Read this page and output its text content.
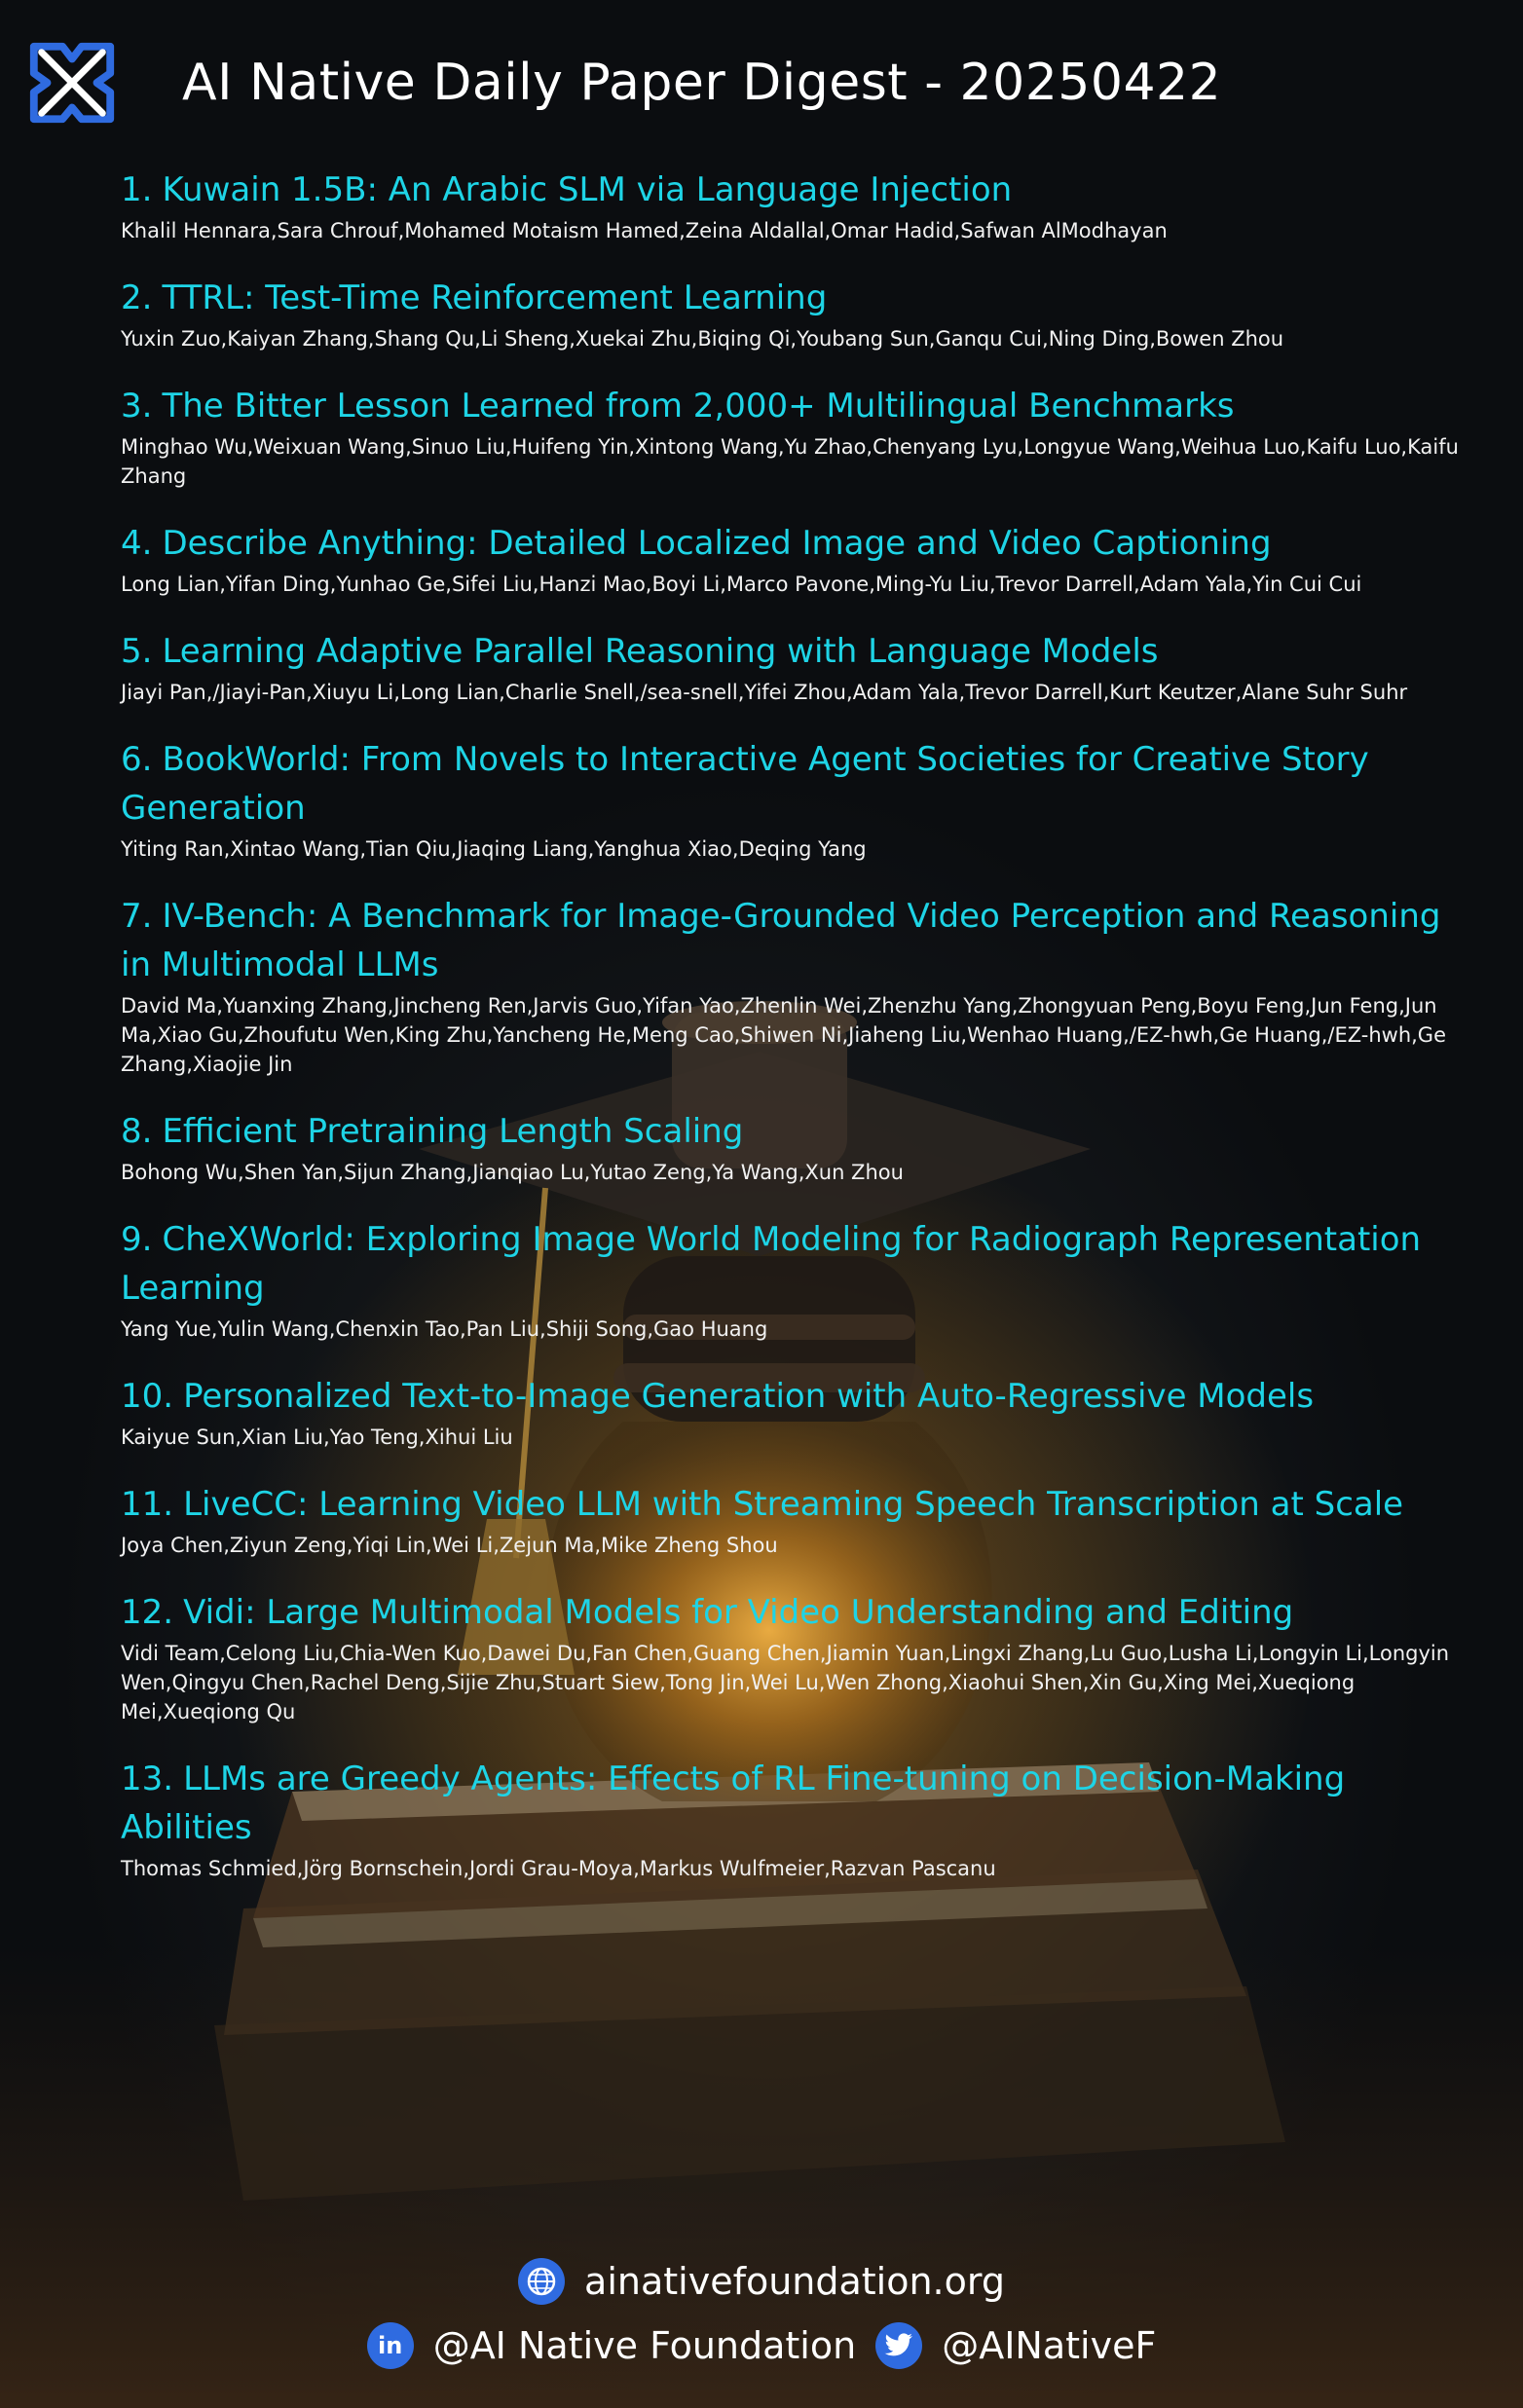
AI Native Daily Paper Digest - 20250422
1. Kuwain 1.5B: An Arabic SLM via Language Injection
Khalil Hennara,Sara Chrouf,Mohamed Motaism Hamed,Zeina Aldallal,Omar Hadid,Safwan AlModhayan
2. TTRL: Test-Time Reinforcement Learning
Yuxin Zuo,Kaiyan Zhang,Shang Qu,Li Sheng,Xuekai Zhu,Biqing Qi,Youbang Sun,Ganqu Cui,Ning Ding,Bowen Zhou
3. The Bitter Lesson Learned from 2,000+ Multilingual Benchmarks
Minghao Wu,Weixuan Wang,Sinuo Liu,Huifeng Yin,Xintong Wang,Yu Zhao,Chenyang Lyu,Longyue Wang,Weihua Luo,Kaifu Luo,Kaifu Zhang
4. Describe Anything: Detailed Localized Image and Video Captioning
Long Lian,Yifan Ding,Yunhao Ge,Sifei Liu,Hanzi Mao,Boyi Li,Marco Pavone,Ming-Yu Liu,Trevor Darrell,Adam Yala,Yin Cui Cui
5. Learning Adaptive Parallel Reasoning with Language Models
Jiayi Pan,/Jiayi-Pan,Xiuyu Li,Long Lian,Charlie Snell,/sea-snell,Yifei Zhou,Adam Yala,Trevor Darrell,Kurt Keutzer,Alane Suhr Suhr
6. BookWorld: From Novels to Interactive Agent Societies for Creative Story Generation
Yiting Ran,Xintao Wang,Tian Qiu,Jiaqing Liang,Yanghua Xiao,Deqing Yang
7. IV-Bench: A Benchmark for Image-Grounded Video Perception and Reasoning in Multimodal LLMs
David Ma,Yuanxing Zhang,Jincheng Ren,Jarvis Guo,Yifan Yao,Zhenlin Wei,Zhenzhu Yang,Zhongyuan Peng,Boyu Feng,Jun Feng,Jun Ma,Xiao Gu,Zhoufutu Wen,King Zhu,Yancheng He,Meng Cao,Shiwen Ni,Jiaheng Liu,Wenhao Huang,/EZ-hwh,Ge Huang,/EZ-hwh,Ge Zhang,Xiaojie Jin
8. Efficient Pretraining Length Scaling
Bohong Wu,Shen Yan,Sijun Zhang,Jianqiao Lu,Yutao Zeng,Ya Wang,Xun Zhou
9. CheXWorld: Exploring Image World Modeling for Radiograph Representation Learning
Yang Yue,Yulin Wang,Chenxin Tao,Pan Liu,Shiji Song,Gao Huang
10. Personalized Text-to-Image Generation with Auto-Regressive Models
Kaiyue Sun,Xian Liu,Yao Teng,Xihui Liu
11. LiveCC: Learning Video LLM with Streaming Speech Transcription at Scale
Joya Chen,Ziyun Zeng,Yiqi Lin,Wei Li,Zejun Ma,Mike Zheng Shou
12. Vidi: Large Multimodal Models for Video Understanding and Editing
Vidi Team,Celong Liu,Chia-Wen Kuo,Dawei Du,Fan Chen,Guang Chen,Jiamin Yuan,Lingxi Zhang,Lu Guo,Lusha Li,Longyin Li,Longyin Wen,Qingyu Chen,Rachel Deng,Sijie Zhu,Stuart Siew,Tong Jin,Wei Lu,Wen Zhong,Xiaohui Shen,Xin Gu,Xing Mei,Xueqiong Mei,Xueqiong Qu
13. LLMs are Greedy Agents: Effects of RL Fine-tuning on Decision-Making Abilities
Thomas Schmied,Jörg Bornschein,Jordi Grau-Moya,Markus Wulfmeier,Razvan Pascanu
ainativefoundation.org
in @AI Native Foundation @AINativeF
